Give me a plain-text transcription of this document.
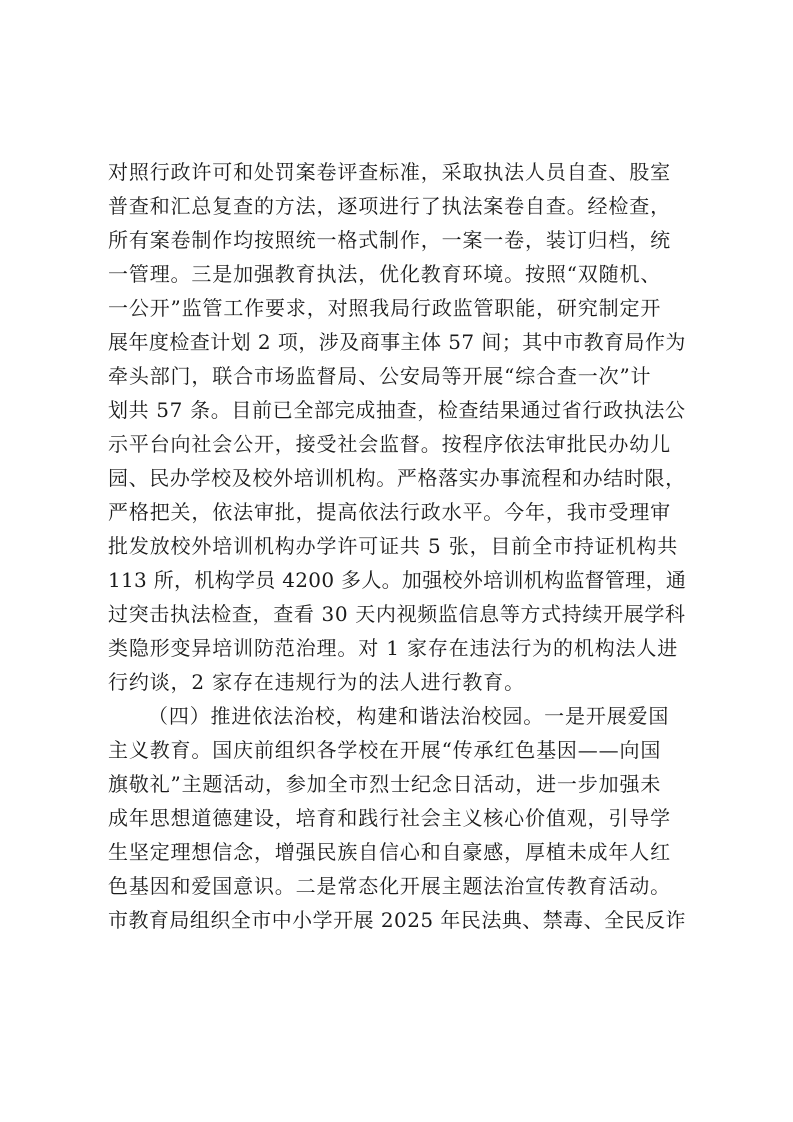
对照行政许可和处罚案卷评查标准，采取执法人员自查、股室
普查和汇总复查的方法，逐项进行了执法案卷自查。经检查，
所有案卷制作均按照统一格式制作，一案一卷，装订归档，统
一管理。三是加强教育执法，优化教育环境。按照“双随机、
一公开”监管工作要求，对照我局行政监管职能，研究制定开
展年度检查计划 2 项，涉及商事主体 57 间；其中市教育局作为
牵头部门，联合市场监督局、公安局等开展“综合查一次”计
划共 57 条。目前已全部完成抽查，检查结果通过省行政执法公
示平台向社会公开，接受社会监督。按程序依法审批民办幼儿
园、民办学校及校外培训机构。严格落实办事流程和办结时限，
严格把关，依法审批，提高依法行政水平。今年，我市受理审
批发放校外培训机构办学许可证共 5 张，目前全市持证机构共
113 所，机构学员 4200 多人。加强校外培训机构监督管理，通
过突击执法检查，查看 30 天内视频监信息等方式持续开展学科
类隐形变异培训防范治理。对 1 家存在违法行为的机构法人进
行约谈，2 家存在违规行为的法人进行教育。
（四）推进依法治校，构建和谐法治校园。一是开展爱国
主义教育。国庆前组织各学校在开展“传承红色基因——向国
旗敬礼”主题活动，参加全市烈士纪念日活动，进一步加强未
成年思想道德建设，培育和践行社会主义核心价值观，引导学
生坚定理想信念，增强民族自信心和自豪感，厚植未成年人红
色基因和爱国意识。二是常态化开展主题法治宣传教育活动。
市教育局组织全市中小学开展 2025 年民法典、禁毒、全民反诈
